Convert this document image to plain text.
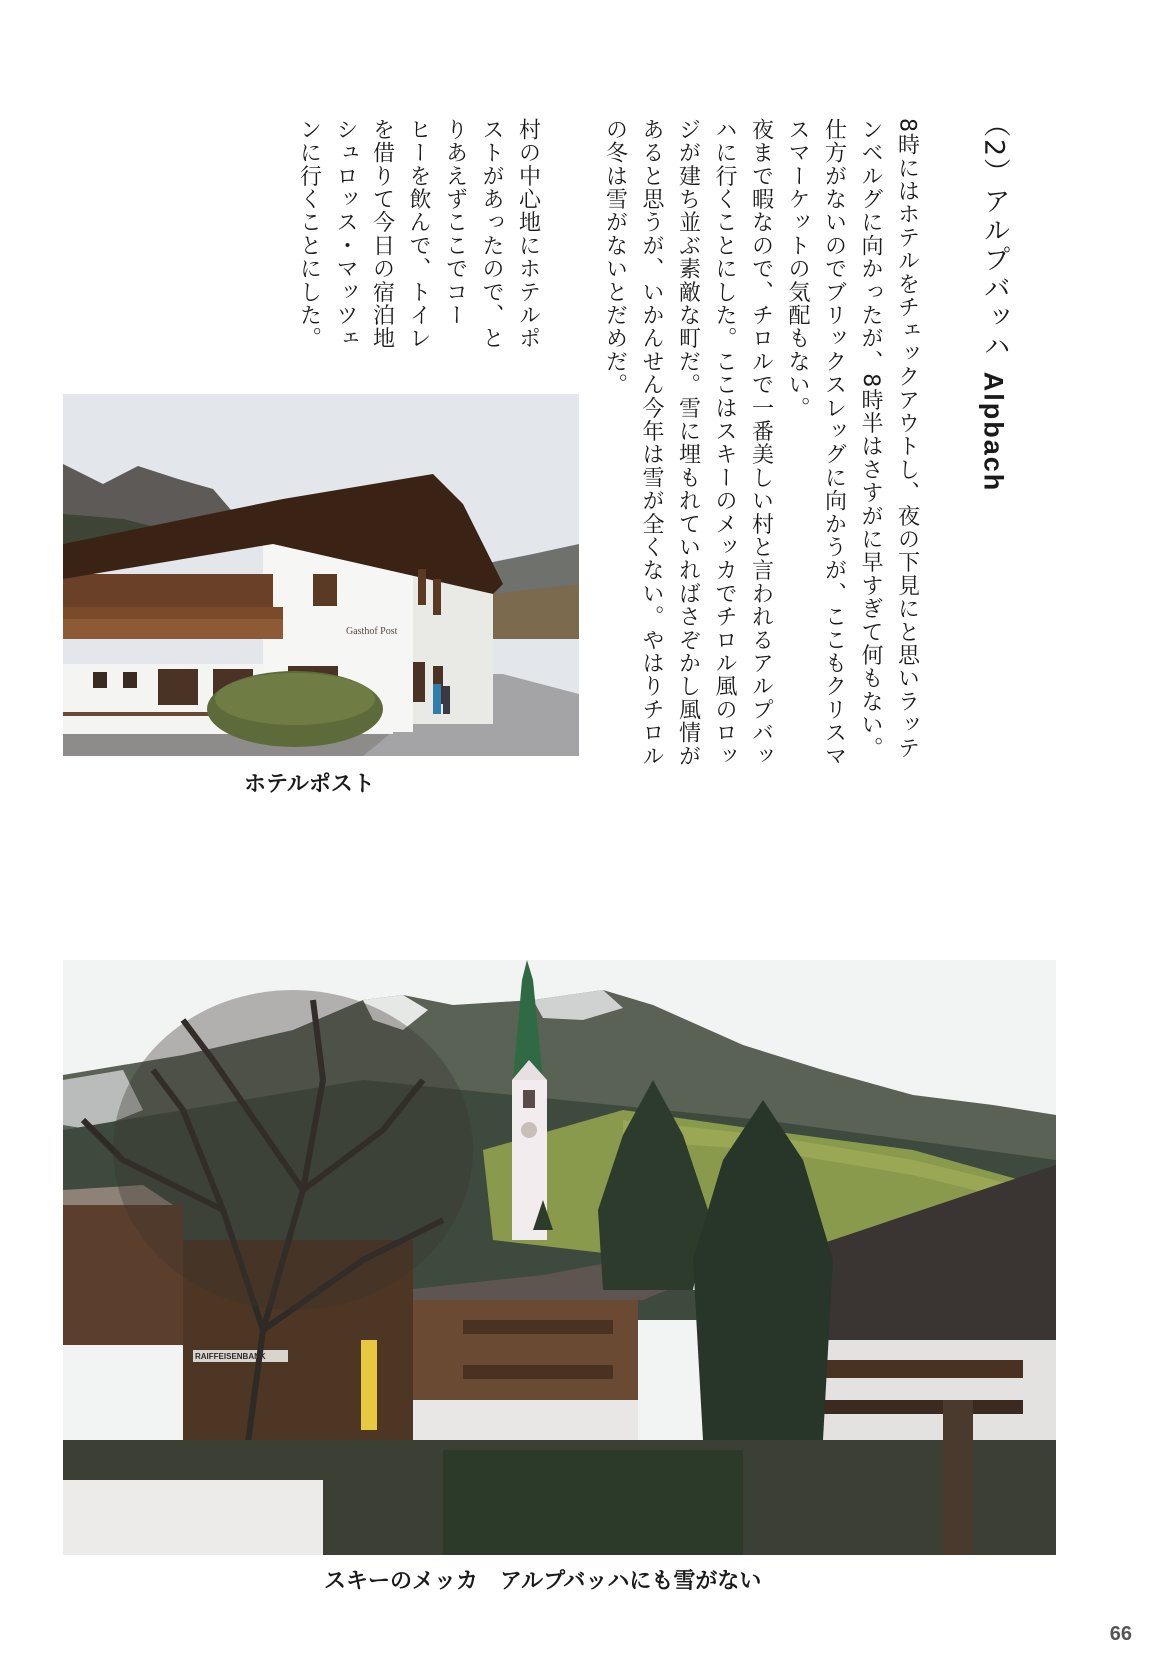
（2）アルプバッハ Alpbach

8時にはホテルをチェックアウトし、夜の下見にと思いラッテ
ンベルグに向かったが、8時半はさすがに早すぎて何もない。
仕方がないのでブリックスレッグに向かうが、ここもクリスマ
スマーケットの気配もない。
夜まで暇なので、チロルで一番美しい村と言われるアルプバッ
ハに行くことにした。ここはスキーのメッカでチロル風のロッ
ジが建ち並ぶ素敵な町だ。雪に埋もれていればさぞかし風情が
あると思うが、いかんせん今年は雪が全くない。やはりチロル
の冬は雪がないとだめだ。

村の中心地にホテルポ
ストがあったので、と
りあえずここでコー
ヒーを飲んで、トイレ
を借りて今日の宿泊地
シュロッス・マッツェ
ンに行くことにした。

Gasthof Post
ホテルポスト
RAIFFEISENBANK
スキーのメッカ　アルプバッハにも雪がない
66
